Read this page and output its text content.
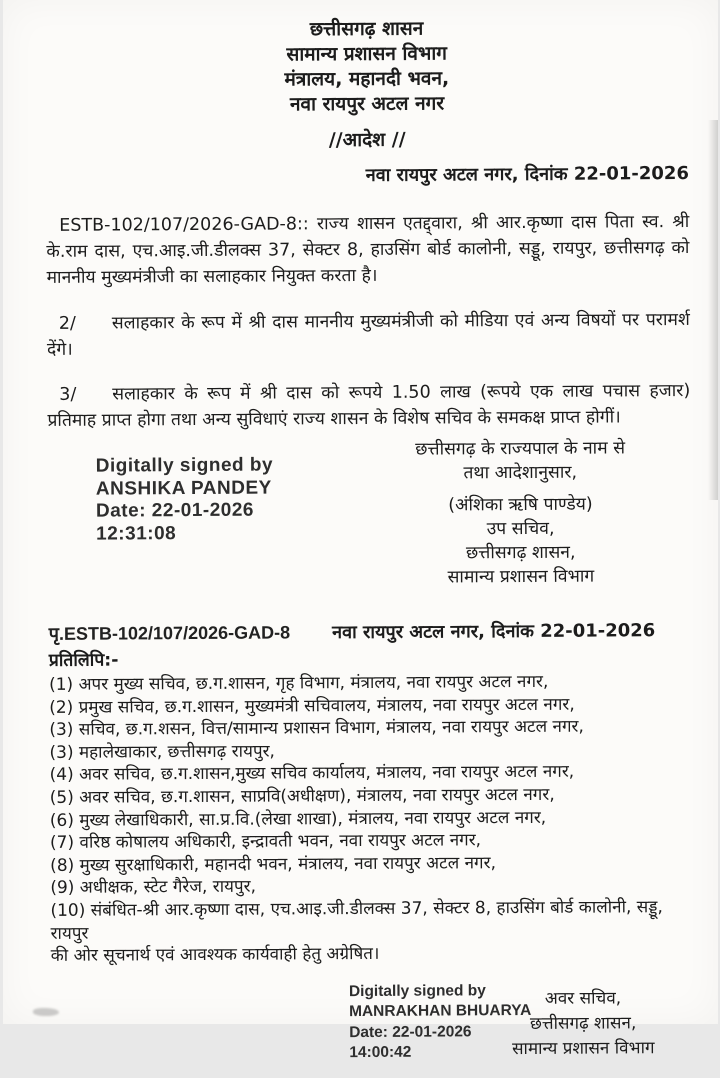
छत्तीसगढ़ शासन
सामान्य प्रशासन विभाग
मंत्रालय, महानदी भवन,
नवा रायपुर अटल नगर
//आदेश //
नवा रायपुर अटल नगर, दिनांक 22-01-2026

ESTB-102/107/2026-GAD-8:: राज्य शासन एतद्द्वारा, श्री आर.कृष्णा दास पिता स्व. श्री के.राम दास, एच.आइ.जी.डीलक्स 37, सेक्टर 8, हाउसिंग बोर्ड कालोनी, सड्डू, रायपुर, छत्तीसगढ़ को माननीय मुख्यमंत्रीजी का सलाहकार नियुक्त करता है।

2/ सलाहकार के रूप में श्री दास माननीय मुख्यमंत्रीजी को मीडिया एवं अन्य विषयों पर परामर्श देंगे।

3/ सलाहकार के रूप में श्री दास को रूपये 1.50 लाख (रूपये एक लाख पचास हजार) प्रतिमाह प्राप्त होगा तथा अन्य सुविधाएं राज्य शासन के विशेष सचिव के समकक्ष प्राप्त होगीं।

Digitally signed by
ANSHIKA PANDEY
Date: 22-01-2026
12:31:08
छत्तीसगढ़ के राज्यपाल के नाम से
तथा आदेशानुसार,
(अंशिका ऋषि पाण्डेय)
उप सचिव,
छत्तीसगढ़ शासन,
सामान्य प्रशासन विभाग
पृ.ESTB-102/107/2026-GAD-8 नवा रायपुर अटल नगर, दिनांक 22-01-2026
प्रतिलिपि:-
(1) अपर मुख्य सचिव, छ.ग.शासन, गृह विभाग, मंत्रालय, नवा रायपुर अटल नगर,
(2) प्रमुख सचिव, छ.ग.शासन, मुख्यमंत्री सचिवालय, मंत्रालय, नवा रायपुर अटल नगर,
(3) सचिव, छ.ग.शसन, वित्त/सामान्य प्रशासन विभाग, मंत्रालय, नवा रायपुर अटल नगर,
(3) महालेखाकार, छत्तीसगढ़ रायपुर,
(4) अवर सचिव, छ.ग.शासन,मुख्य सचिव कार्यालय, मंत्रालय, नवा रायपुर अटल नगर,
(5) अवर सचिव, छ.ग.शासन, साप्रवि(अधीक्षण), मंत्रालय, नवा रायपुर अटल नगर,
(6) मुख्य लेखाधिकारी, सा.प्र.वि.(लेखा शाखा), मंत्रालय, नवा रायपुर अटल नगर,
(7) वरिष्ठ कोषालय अधिकारी, इन्द्रावती भवन, नवा रायपुर अटल नगर,
(8) मुख्य सुरक्षाधिकारी, महानदी भवन, मंत्रालय, नवा रायपुर अटल नगर,
(9) अधीक्षक, स्टेट गैरेज, रायपुर,
(10) संबंधित-श्री आर.कृष्णा दास, एच.आइ.जी.डीलक्स 37, सेक्टर 8, हाउसिंग बोर्ड कालोनी, सड्डू, रायपुर
की ओर सूचनार्थ एवं आवश्यक कार्यवाही हेतु अग्रेषित।
Digitally signed by
MANRAKHAN BHUARYA
Date: 22-01-2026
14:00:42
अवर सचिव,
छत्तीसगढ़ शासन,
सामान्य प्रशासन विभाग
